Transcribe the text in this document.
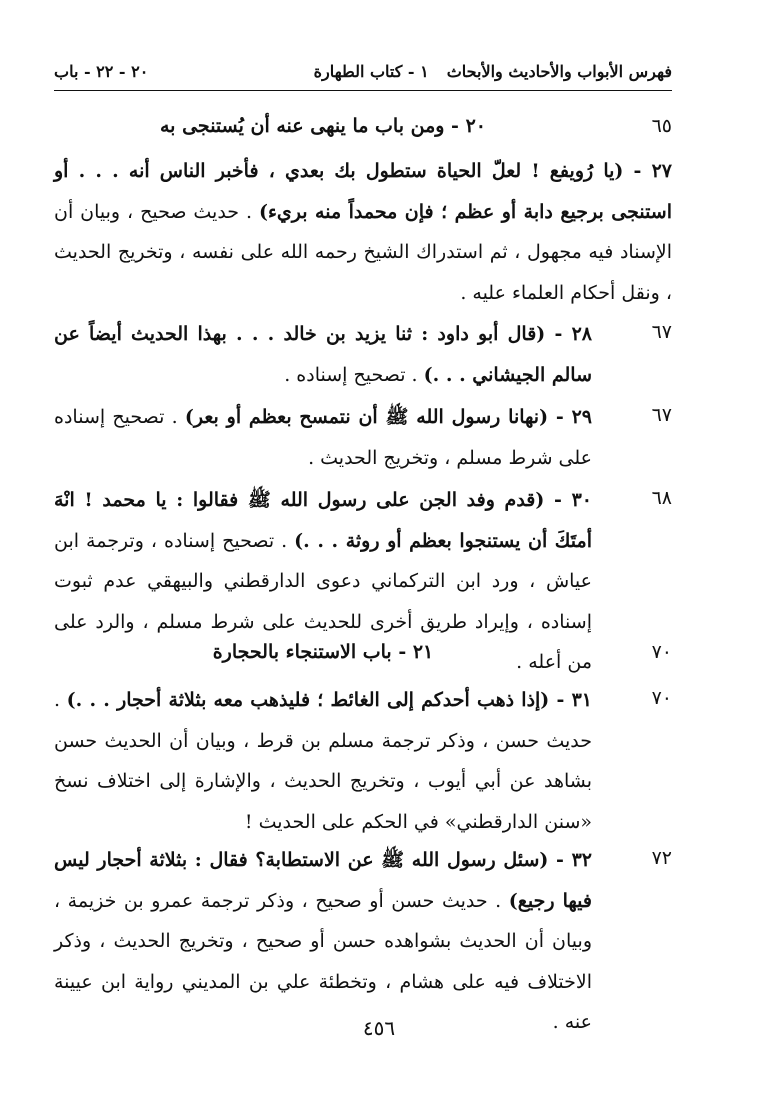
فهرس الأبواب والأحاديث والأبحاث١ - كتاب الطهارة
٢٠ - ٢٢ - باب
٦٥
٢٠ - ومن باب ما ينهى عنه أن يُستنجى به
٢٧ - (يا رُويفع ! لعلّ الحياة ستطول بك بعدي ، فأخبر الناس أنه . . . أو استنجى برجيع دابة أو عظم ؛ فإن محمداً منه بريء) . حديث صحيح ، وبيان أن الإسناد فيه مجهول ، ثم استدراك الشيخ رحمه الله على نفسه ، وتخريج الحديث ، ونقل أحكام العلماء عليه .
٦٧
٢٨ - (قال أبو داود : ثنا يزيد بن خالد . . . بهذا الحديث أيضاً عن سالم الجيشاني . . .) . تصحيح إسناده .
٦٧
٢٩ - (نهانا رسول الله ﷺ أن نتمسح بعظم أو بعر) . تصحيح إسناده على شرط مسلم ، وتخريج الحديث .
٦٨
٣٠ - (قدم وفد الجن على رسول الله ﷺ فقالوا : يا محمد ! انْهَ أمتَكَ أن يستنجوا بعظم أو روثة . . .) . تصحيح إسناده ، وترجمة ابن عياش ، ورد ابن التركماني دعوى الدارقطني والبيهقي عدم ثبوت إسناده ، وإيراد طريق أخرى للحديث على شرط مسلم ، والرد على من أعله .	٧٠
٢١ - باب الاستنجاء بالحجارة
٧٠
٣١ - (إذا ذهب أحدكم إلى الغائط ؛ فليذهب معه بثلاثة أحجار . . .) . حديث حسن ، وذكر ترجمة مسلم بن قرط ، وبيان أن الحديث حسن بشاهد عن أبي أيوب ، وتخريج الحديث ، والإشارة إلى اختلاف نسخ «سنن الدارقطني» في الحكم على الحديث !
٧٢
٣٢ - (سئل رسول الله ﷺ عن الاستطابة؟ فقال : بثلاثة أحجار ليس فيها رجيع) . حديث حسن أو صحيح ، وذكر ترجمة عمرو بن خزيمة ، وبيان أن الحديث بشواهده حسن أو صحيح ، وتخريج الحديث ، وذكر الاختلاف فيه على هشام ، وتخطئة علي بن المديني رواية ابن عيينة عنه .
٤٥٦
